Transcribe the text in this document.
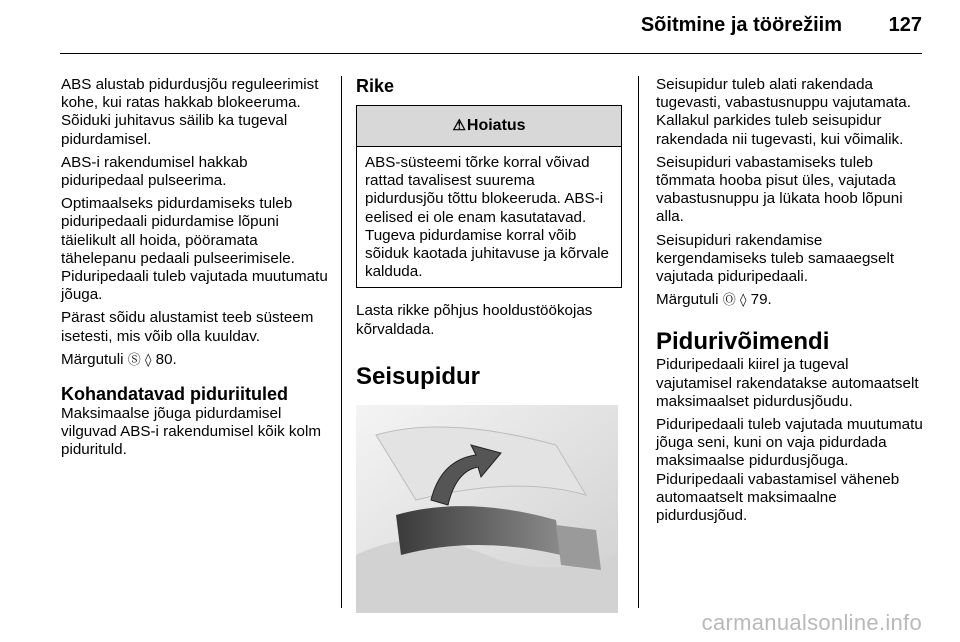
Sõitmine ja töörežiim 127

ABS alustab pidurdusjõu reguleerimist kohe, kui ratas hakkab blokeeruma. Sõiduki juhitavus säilib ka tugeval pidurdamisel.

ABS-i rakendumisel hakkab piduripedaal pulseerima.

Optimaalseks pidurdamiseks tuleb piduripedaali pidurdamise lõpuni täielikult all hoida, pööramata tähelepanu pedaali pulseerimisele. Piduripedaali tuleb vajutada muutumatu jõuga.

Pärast sõidu alustamist teeb süsteem isetesti, mis võib olla kuuldav.

Märgutuli Ⓢ ◊ 80.

Kohandatavad piduriituled

Maksimaalse jõuga pidurdamisel vilguvad ABS-i rakendumisel kõik kolm pidurituld.

Rike
⚠ Hoiatus
ABS-süsteemi tõrke korral võivad rattad tavalisest suurema pidurdusjõu tõttu blokeeruda. ABS-i eelised ei ole enam kasutatavad. Tugeva pidurdamise korral võib sõiduk kaotada juhitavuse ja kõrvale kalduda.

Lasta rikke põhjus hooldustöökojas kõrvaldada.

Seisupidur

Seisupidur tuleb alati rakendada tugevasti, vabastusnuppu vajutamata. Kallakul parkides tuleb seisupidur rakendada nii tugevasti, kui võimalik.

Seisupiduri vabastamiseks tuleb tõmmata hooba pisut üles, vajutada vabastusnuppu ja lükata hoob lõpuni alla.

Seisupiduri rakendamise kergendamiseks tuleb samaaegselt vajutada piduripedaali.

Märgutuli Ⓞ ◊ 79.

Pidurivõimendi

Piduripedaali kiirel ja tugeval vajutamisel rakendatakse automaatselt maksimaalset pidurdusjõudu.

Piduripedaali tuleb vajutada muutumatu jõuga seni, kuni on vaja pidurdada maksimaalse pidurdusjõuga. Piduripedaali vabastamisel väheneb automaatselt maksimaalne pidurdusjõud.

carmanualsonline.info
